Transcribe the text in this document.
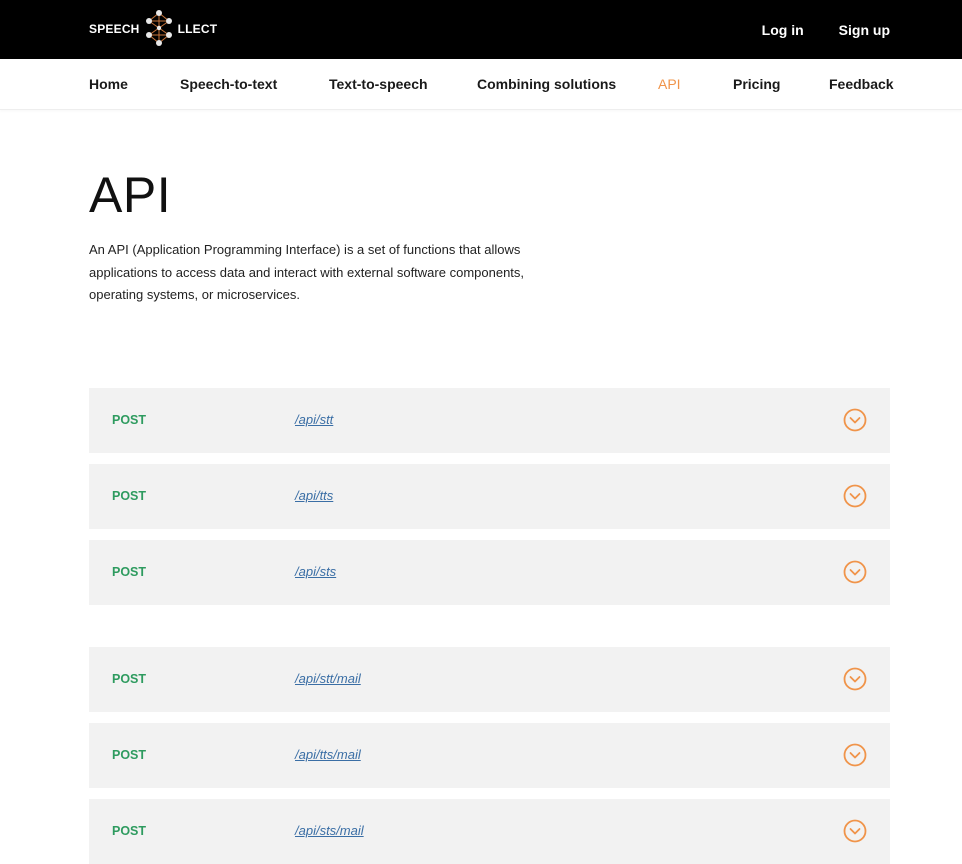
SPEECH	LLECT	Log in	Sign up
Home	Speech-to-text	Text-to-speech	Combining solutions	API	Pricing	Feedback
API

An API (Application Programming Interface) is a set of functions that allows applications to access data and interact with external software components, operating systems, or microservices.

POST	/api/stt
POST	/api/tts
POST	/api/sts
POST	/api/stt/mail
POST	/api/tts/mail
POST	/api/sts/mail
